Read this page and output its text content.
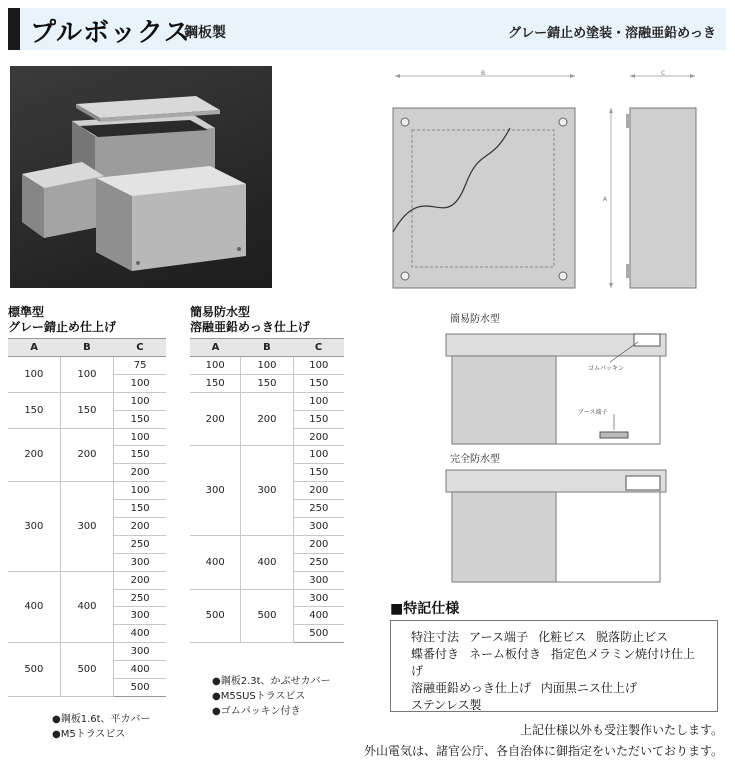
プルボックス
鋼板製	グレー錆止め塗装・溶融亜鉛めっき
B	C
A
簡易防水型
ゴムパッキン
アース端子
完全防水型
標準型
グレー錆止め仕上げ
A	B	C
100	100	75
		100
150	150	100
		150
200	200	100
		150
		200
300	300	100
		150
		200
		250
		300
400	400	200
		250
		300
		400
500	500	300
		400
		500
●鋼板1.6t、平カバー
●M5トラスビス
簡易防水型
溶融亜鉛めっき仕上げ
A	B	C
100	100	100
150	150	150
200	200	100
		150
		200
300	300	100
		150
		200
		250
		300
400	400	200
		250
		300
500	500	300
		400
		500
●鋼板2.3t、かぶせカバー
●M5SUSトラスビス
●ゴムパッキン付き
■特記仕様
特注寸法 アース端子 化粧ビス 脱落防止ビス
蝶番付き ネーム板付き 指定色メラミン焼付け仕上げ
溶融亜鉛めっき仕上げ 内面黒ニス仕上げ
ステンレス製
上記仕様以外も受注製作いたします。
外山電気は、諸官公庁、各自治体に御指定をいただいております。
